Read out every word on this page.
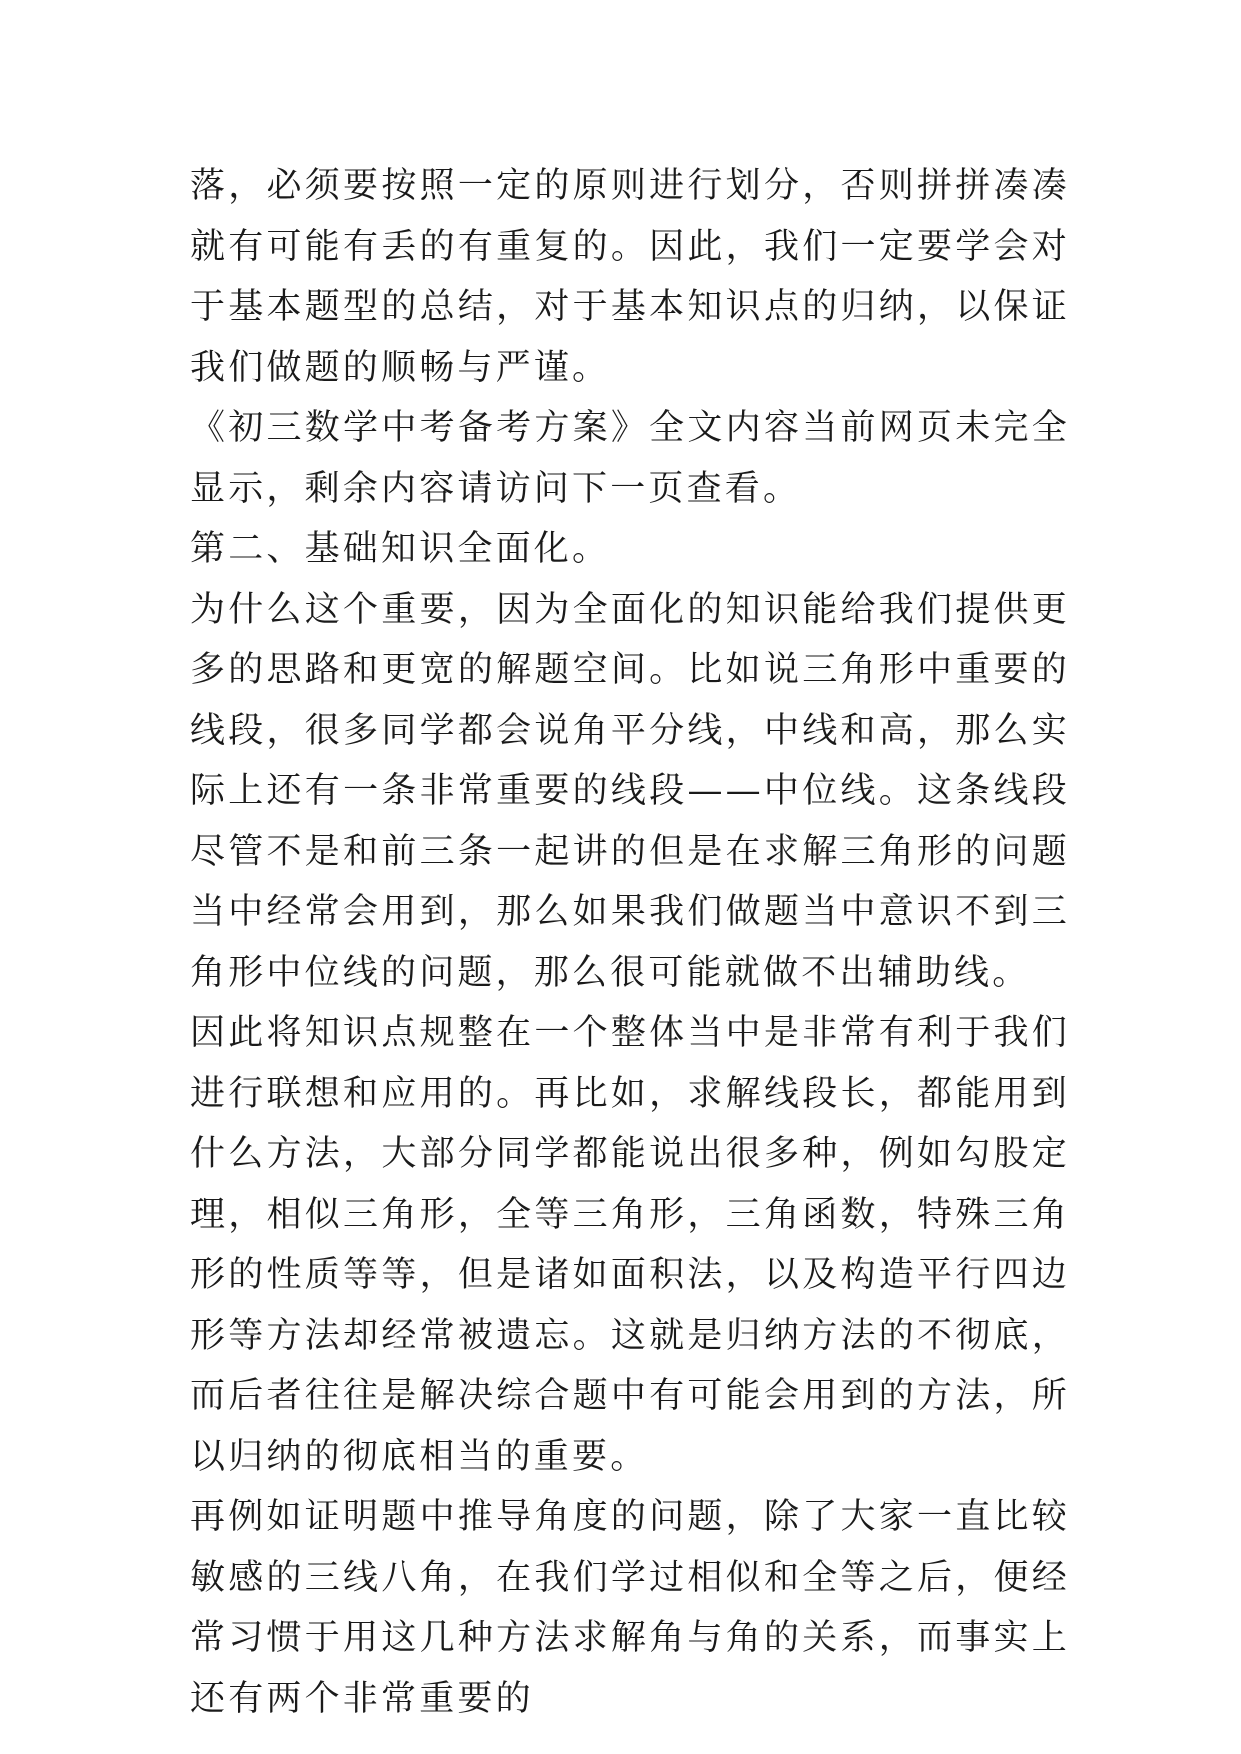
落，必须要按照一定的原则进行划分，否则拼拼凑凑就有可能有丢的有重复的。因此，我们一定要学会对于基本题型的总结，对于基本知识点的归纳，以保证我们做题的顺畅与严谨。

《初三数学中考备考方案》全文内容当前网页未完全显示，剩余内容请访问下一页查看。

第二、基础知识全面化。

为什么这个重要，因为全面化的知识能给我们提供更多的思路和更宽的解题空间。比如说三角形中重要的线段，很多同学都会说角平分线，中线和高，那么实际上还有一条非常重要的线段——中位线。这条线段尽管不是和前三条一起讲的但是在求解三角形的问题当中经常会用到，那么如果我们做题当中意识不到三角形中位线的问题，那么很可能就做不出辅助线。

因此将知识点规整在一个整体当中是非常有利于我们进行联想和应用的。再比如，求解线段长，都能用到什么方法，大部分同学都能说出很多种，例如勾股定理，相似三角形，全等三角形，三角函数，特殊三角形的性质等等，但是诸如面积法，以及构造平行四边形等方法却经常被遗忘。这就是归纳方法的不彻底，而后者往往是解决综合题中有可能会用到的方法，所以归纳的彻底相当的重要。

再例如证明题中推导角度的问题，除了大家一直比较敏感的三线八角，在我们学过相似和全等之后，便经常习惯于用这几种方法求解角与角的关系，而事实上还有两个非常重要的
